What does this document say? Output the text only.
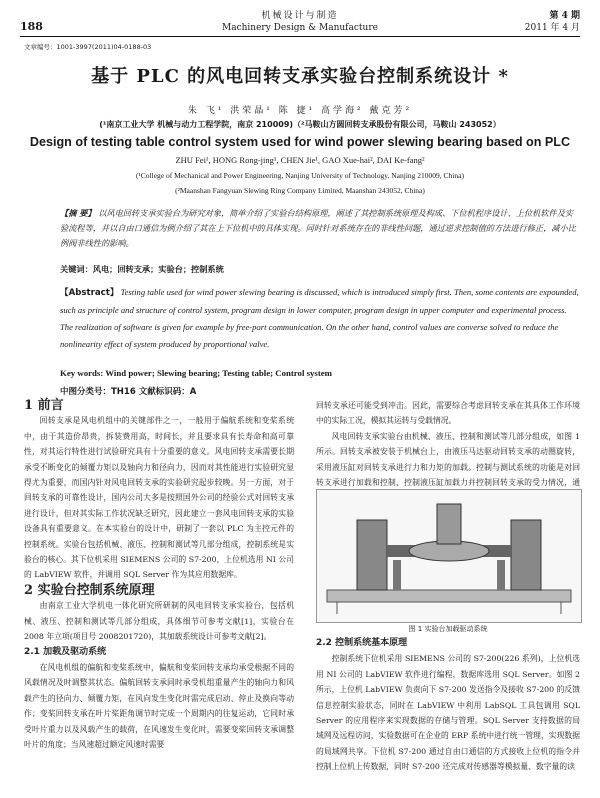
188
机械设计与制造
Machinery Design & Manufacture
第 4 期
2011 年 4 月
文章编号：1001-3997(2011)04-0188-03
基于 PLC 的风电回转支承实验台控制系统设计 *
朱 飞¹ 洪荣晶¹ 陈 捷¹ 高学海² 戴克芳²
(¹南京工业大学 机械与动力工程学院，南京 210009)（²马鞍山方圆回转支承股份有限公司，马鞍山 243052）
Design of testing table control system used for wind power slewing bearing based on PLC
ZHU Fei¹, HONG Rong-jing¹, CHEN Jie¹, GAO Xue-hai², DAI Ke-fang²
(¹College of Mechanical and Power Engineering, Nanjing University of Technology, Nanjing 210009, China)
(²Maanshan Fangyuan Slewing Ring Company Limited, Maanshan 243052, China)
【摘 要】 以风电回转支承实验台为研究对象，简单介绍了实验台结构原理，阐述了其控制系统原理及构成、下位机程序设计、上位机软件及实验流程等，并以自由口通信为例介绍了其在上下位机中的具体实现。同时针对系统存在的非线性问题，通过逆求控制值的方法进行修正，减小比例阀非线性的影响。
关键词：风电；回转支承；实验台；控制系统
【Abstract】 Testing table used for wind power slewing bearing is discussed, which is introduced simply first. Then, some contents are expounded, such as principle and structure of control system, program design in lower computer, program design in upper computer and experimental process. The realization of software is given for example by free-port communication. On the other hand, control values are converse solved to reduce the nonlinearity effect of system produced by proportional valve.
Key words: Wind power; Slewing bearing; Testing table; Control system
中图分类号：TH16 文献标识码：A

1 前言

回转支承是风电机组中的关键部件之一，一般用于偏航系统和变桨系统中，由于其造价昂贵，拆装费用高，时间长，并且要求具有长寿命和高可靠性，对其运行特性进行试验研究具有十分重要的意义。风电回转支承需要长期承受不断变化的倾覆力矩以及轴向力和径向力，因而对其性能进行实验研究显得尤为重要，而国内针对风电回转支承的实验研究起步较晚。另一方面，对于回转支承的可靠性设计，国内公司大多是按照国外公司的经验公式对回转支承进行设计，但对其实际工作状况缺乏研究，因此建立一套风电回转支承的实验设备具有重要意义。在本实验台的设计中，研制了一套以 PLC 为主控元件的控制系统。实验台包括机械、液压、控制和测试等几部分组成，控制系统是实验台的核心。其下位机采用 SIEMENS 公司的 S7-200，上位机选用 NI 公司的 LabVIEW 软件，并调用 SQL Server 作为其应用数据库。

2 实验台控制系统原理

由南京工业大学机电一体化研究所研制的风电回转支承实验台，包括机械、液压、控制和测试等几部分组成，具体细节可参考文献[1]，实验台在 2008 年立项(项目号 2008201720)，其加载系统设计可参考文献[2]。

2.1 加载及驱动系统

在风电机组的偏航和变桨系统中，偏航和变桨回转支承均承受根据不同的风载情况及时调整其状态。偏航回转支承同时承受机组重量产生的轴向力和风载产生的径向力、倾覆力矩，在风向发生变化时需完成启动、停止及换向等动作；变桨回转支承在叶片桨距角调节时完成一个周期内的往复运动，它同时承受叶片重力以及风载产生的载荷，在风速发生变化时，需要变桨回转支承调整叶片的角度；当风速超过额定风速时需要

回转支承还可能受到冲击。因此，需要综合考虑回转支承在其具体工作环境中的实际工况，模拟其运转与受载情况。

风电回转支承实验台由机械、液压、控制和测试等几部分组成，如图 1 所示。回转支承被安装于机械台上，由液压马达驱动回转支承的动圈旋转，采用液压缸对回转支承进行力和力矩的加载。控制与测试系统的功能是对回转支承进行加载和控制，控制液压缸加载力并控制回转支承的受力情况，通

图 1 实验台加载驱动系统

2.2 控制系统基本原理

控制系统下位机采用 SIEMENS 公司的 S7-200(226 系列)，上位机选用 NI 公司的 LabVIEW 软件进行编程，数据库选用 SQL Server。如图 2 所示，上位机 LabVIEW 负责向下 S7-200 发送指令及接收 S7-200 的反馈信息控制实验状态，同时在 LabVIEW 中利用 LabSQL 工具包调用 SQL Server 的应用程序来实现数据的存储与管理。SQL Server 支持数据的局域网及远程访问，实验数据可在企业的 ERP 系统中进行统一管理，实现数据的局域网共享。下位机 S7-200 通过自由口通信的方式接收上位机的指令并控制上位机上传数据，同时 S7-200 还完成对传感器等模拟量、数字量的读
